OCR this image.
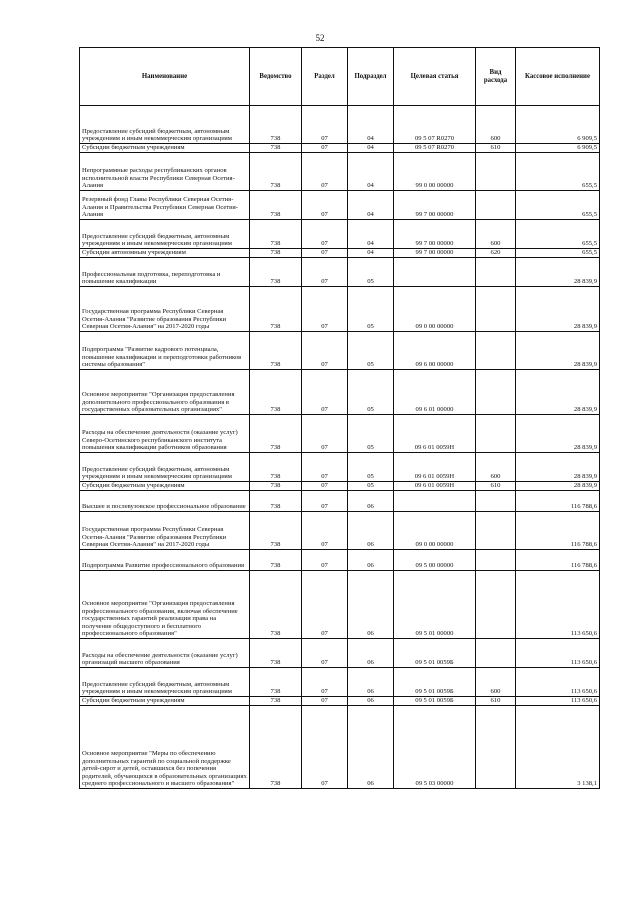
52
Наименование	Ведомство	Раздел	Подраздел	Целевая статья	Вид расхода	Кассовое исполнение
Предоставление субсидий бюджетным, автономным учреждениям и иным некоммерческим организациям	738	07	04	09 5 07 R0270	600	6 909,5
Субсидии бюджетным учреждениям	738	07	04	09 5 07 R0270	610	6 909,5
Непрограммные расходы республиканских органов исполнительной власти Республики Северная Осетия-Алания	738	07	04	99 0 00 00000		655,5
Резервный фонд Главы Республики Северная Осетия-Алания и Правительства Республики Северная Осетия-Алания	738	07	04	99 7 00 00000		655,5
Предоставление субсидий бюджетным, автономным учреждениям и иным некоммерческим организациям	738	07	04	99 7 00 00000	600	655,5
Субсидии автономным учреждениям	738	07	04	99 7 00 00000	620	655,5
Профессиональная подготовка, переподготовка и повышение квалификации	738	07	05			28 839,9
Государственная программа Республики Северная Осетия-Алания "Развитие образования Республики Северная Осетия-Алания" на 2017-2020 годы	738	07	05	09 0 00 00000		28 839,9
Подпрограмма "Развитие кадрового потенциала, повышение квалификации и переподготовки работников системы образования"	738	07	05	09 6 00 00000		28 839,9
Основное мероприятие "Организация предоставления дополнительного профессионального образования в государственных образовательных организациях"	738	07	05	09 6 01 00000		28 839,9
Расходы на обеспечение деятельности (оказание услуг) Северо-Осетинского республиканского института повышения квалификации работников образования	738	07	05	09 6 01 0059Н		28 839,9
Предоставление субсидий бюджетным, автономным учреждениям и иным некоммерческим организациям	738	07	05	09 6 01 0059Н	600	28 839,9
Субсидии бюджетным учреждениям	738	07	05	09 6 01 0059Н	610	28 839,9
Высшее и послевузовское профессиональное образование	738	07	06			116 788,6
Государственная программа Республики Северная Осетия-Алания "Развитие образования Республики Северная Осетия-Алания" на 2017-2020 годы	738	07	06	09 0 00 00000		116 788,6
Подпрограмма Развитие профессионального образования	738	07	06	09 5 00 00000		116 788,6
Основное мероприятие "Организация предоставления профессионального образования, включая обеспечение государственных гарантий реализации права на получение общедоступного и бесплатного профессионального образования"	738	07	06	09 5 01 00000		113 650,6
Расходы на обеспечение деятельности (оказание услуг) организаций высшего образования	738	07	06	09 5 01 0059Б		113 650,6
Предоставление субсидий бюджетным, автономным учреждениям и иным некоммерческим организациям	738	07	06	09 5 01 0059Б	600	113 650,6
Субсидии бюджетным учреждениям	738	07	06	09 5 01 0059Б	610	113 650,6
Основное мероприятие "Меры по обеспечению дополнительных гарантий по социальной поддержке детей-сирот и детей, оставшихся без попечения родителей, обучающихся в образовательных организациях среднего профессионального и высшего образования"	738	07	06	09 5 03 00000		3 138,1
